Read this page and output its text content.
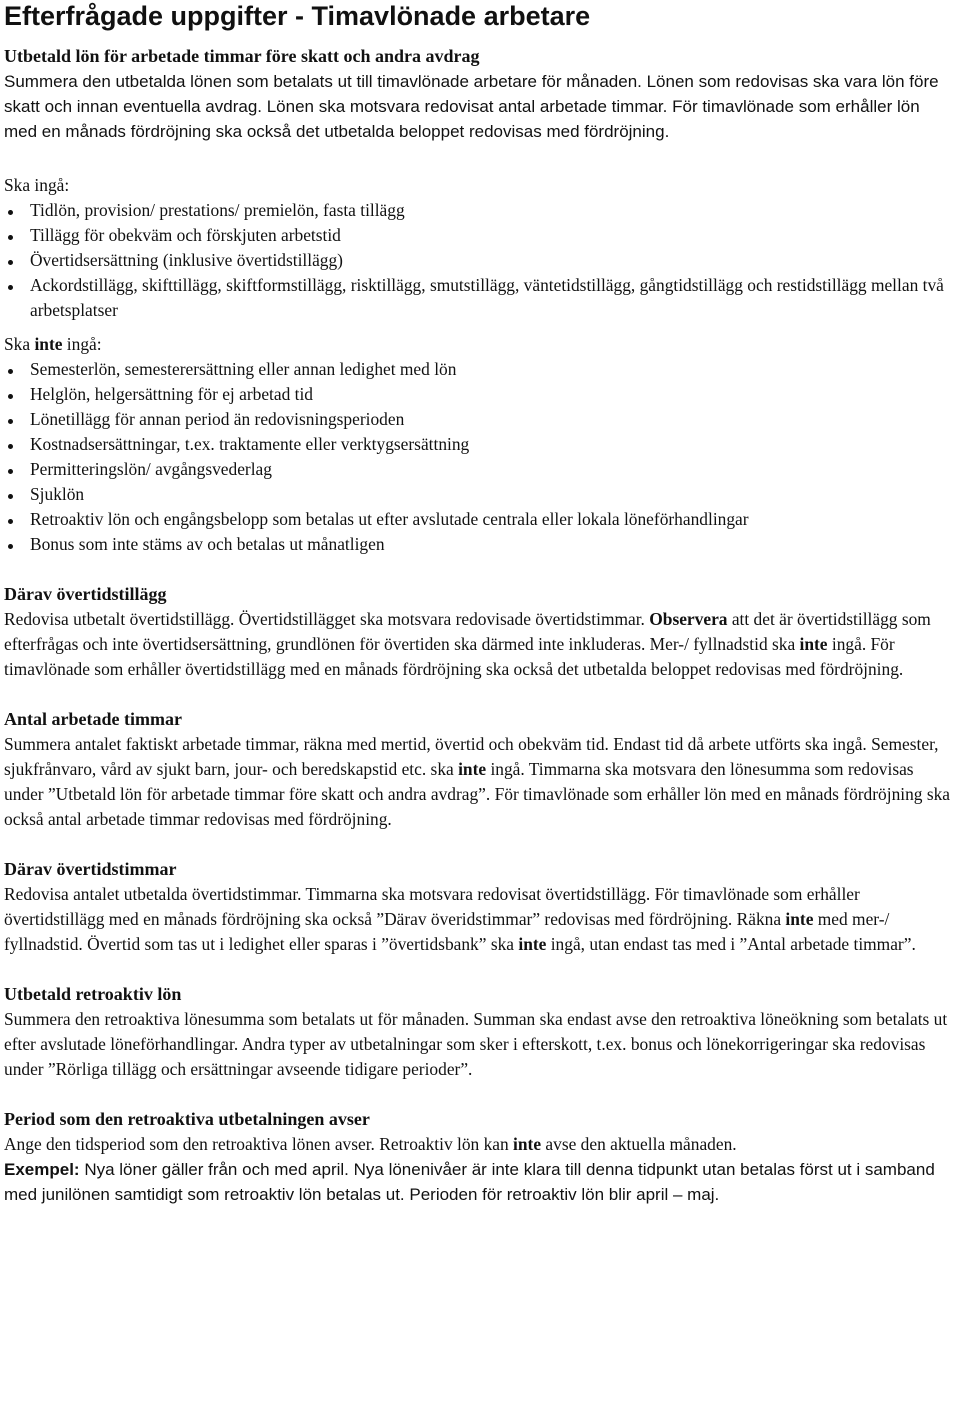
Efterfrågade uppgifter - Timavlönade arbetare
Utbetald lön för arbetade timmar före skatt och andra avdrag

Summera den utbetalda lönen som betalats ut till timavlönade arbetare för månaden. Lönen som redovisas ska vara lön före skatt och innan eventuella avdrag. Lönen ska motsvara redovisat antal arbetade timmar. För timavlönade som erhåller lön med en månads fördröjning ska också det utbetalda beloppet redovisas med fördröjning.

Ska ingå:

Tidlön, provision/ prestations/ premielön, fasta tillägg
Tillägg för obekväm och förskjuten arbetstid
Övertidsersättning (inklusive övertidstillägg)
Ackordstillägg, skifttillägg, skiftformstillägg, risktillägg, smutstillägg, väntetidstillägg, gångtidstillägg och restidstillägg mellan två arbetsplatser

Ska inte ingå:

Semesterlön, semesterersättning eller annan ledighet med lön
Helglön, helgersättning för ej arbetad tid
Lönetillägg för annan period än redovisningsperioden
Kostnadsersättningar, t.ex. traktamente eller verktygsersättning
Permitteringslön/ avgångsvederlag
Sjuklön
Retroaktiv lön och engångsbelopp som betalas ut efter avslutade centrala eller lokala löneförhandlingar
Bonus som inte stäms av och betalas ut månatligen
Därav övertidstillägg

Redovisa utbetalt övertidstillägg. Övertidstillägget ska motsvara redovisade övertidstimmar. Observera att det är övertidstillägg som efterfrågas och inte övertidsersättning, grundlönen för övertiden ska därmed inte inkluderas. Mer-/ fyllnadstid ska inte ingå. För timavlönade som erhåller övertidstillägg med en månads fördröjning ska också det utbetalda beloppet redovisas med fördröjning.

Antal arbetade timmar

Summera antalet faktiskt arbetade timmar, räkna med mertid, övertid och obekväm tid. Endast tid då arbete utförts ska ingå. Semester, sjukfrånvaro, vård av sjukt barn, jour- och beredskapstid etc. ska inte ingå. Timmarna ska motsvara den lönesumma som redovisas under ”Utbetald lön för arbetade timmar före skatt och andra avdrag”. För timavlönade som erhåller lön med en månads fördröjning ska också antal arbetade timmar redovisas med fördröjning.

Därav övertidstimmar

Redovisa antalet utbetalda övertidstimmar. Timmarna ska motsvara redovisat övertidstillägg. För timavlönade som erhåller övertidstillägg med en månads fördröjning ska också ”Därav överidstimmar” redovisas med fördröjning. Räkna inte med mer-/ fyllnadstid. Övertid som tas ut i ledighet eller sparas i ”övertidsbank” ska inte ingå, utan endast tas med i ”Antal arbetade timmar”.

Utbetald retroaktiv lön

Summera den retroaktiva lönesumma som betalats ut för månaden. Summan ska endast avse den retroaktiva löneökning som betalats ut efter avslutade löneförhandlingar. Andra typer av utbetalningar som sker i efterskott, t.ex. bonus och lönekorrigeringar ska redovisas under ”Rörliga tillägg och ersättningar avseende tidigare perioder”.

Period som den retroaktiva utbetalningen avser

Ange den tidsperiod som den retroaktiva lönen avser. Retroaktiv lön kan inte avse den aktuella månaden.

Exempel: Nya löner gäller från och med april. Nya lönenivåer är inte klara till denna tidpunkt utan betalas först ut i samband med junilönen samtidigt som retroaktiv lön betalas ut. Perioden för retroaktiv lön blir april – maj.
